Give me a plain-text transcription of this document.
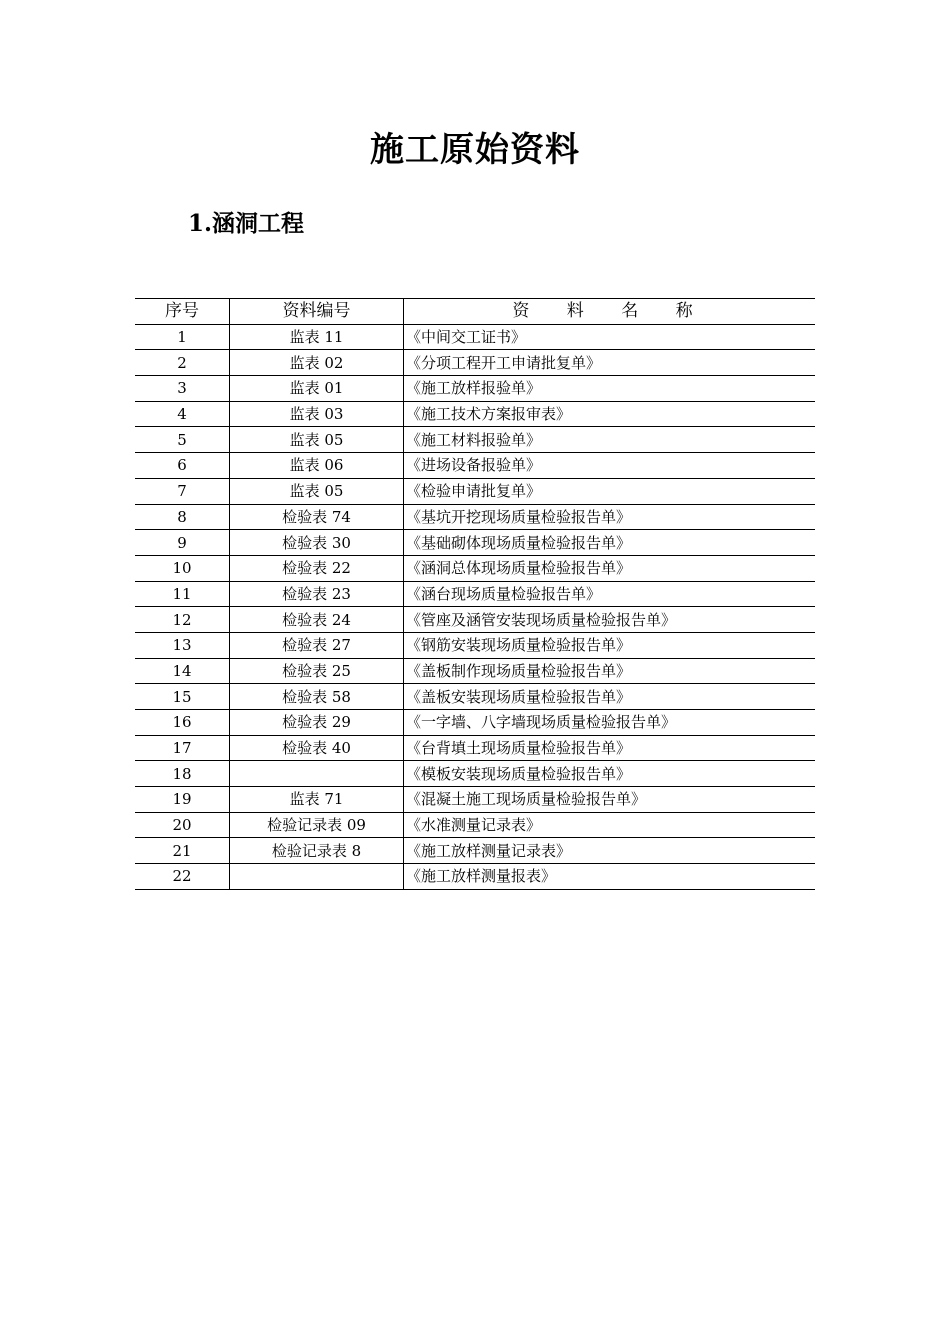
施工原始资料
1.涵洞工程
序号	资料编号	资 料 名 称
1	监表 11	《中间交工证书》
2	监表 02	《分项工程开工申请批复单》
3	监表 01	《施工放样报验单》
4	监表 03	《施工技术方案报审表》
5	监表 05	《施工材料报验单》
6	监表 06	《进场设备报验单》
7	监表 05	《检验申请批复单》
8	检验表 74	《基坑开挖现场质量检验报告单》
9	检验表 30	《基础砌体现场质量检验报告单》
10	检验表 22	《涵洞总体现场质量检验报告单》
11	检验表 23	《涵台现场质量检验报告单》
12	检验表 24	《管座及涵管安装现场质量检验报告单》
13	检验表 27	《钢筋安装现场质量检验报告单》
14	检验表 25	《盖板制作现场质量检验报告单》
15	检验表 58	《盖板安装现场质量检验报告单》
16	检验表 29	《一字墙、八字墙现场质量检验报告单》
17	检验表 40	《台背填土现场质量检验报告单》
18		《模板安装现场质量检验报告单》
19	监表 71	《混凝土施工现场质量检验报告单》
20	检验记录表 09	《水准测量记录表》
21	检验记录表 8	《施工放样测量记录表》
22		《施工放样测量报表》
